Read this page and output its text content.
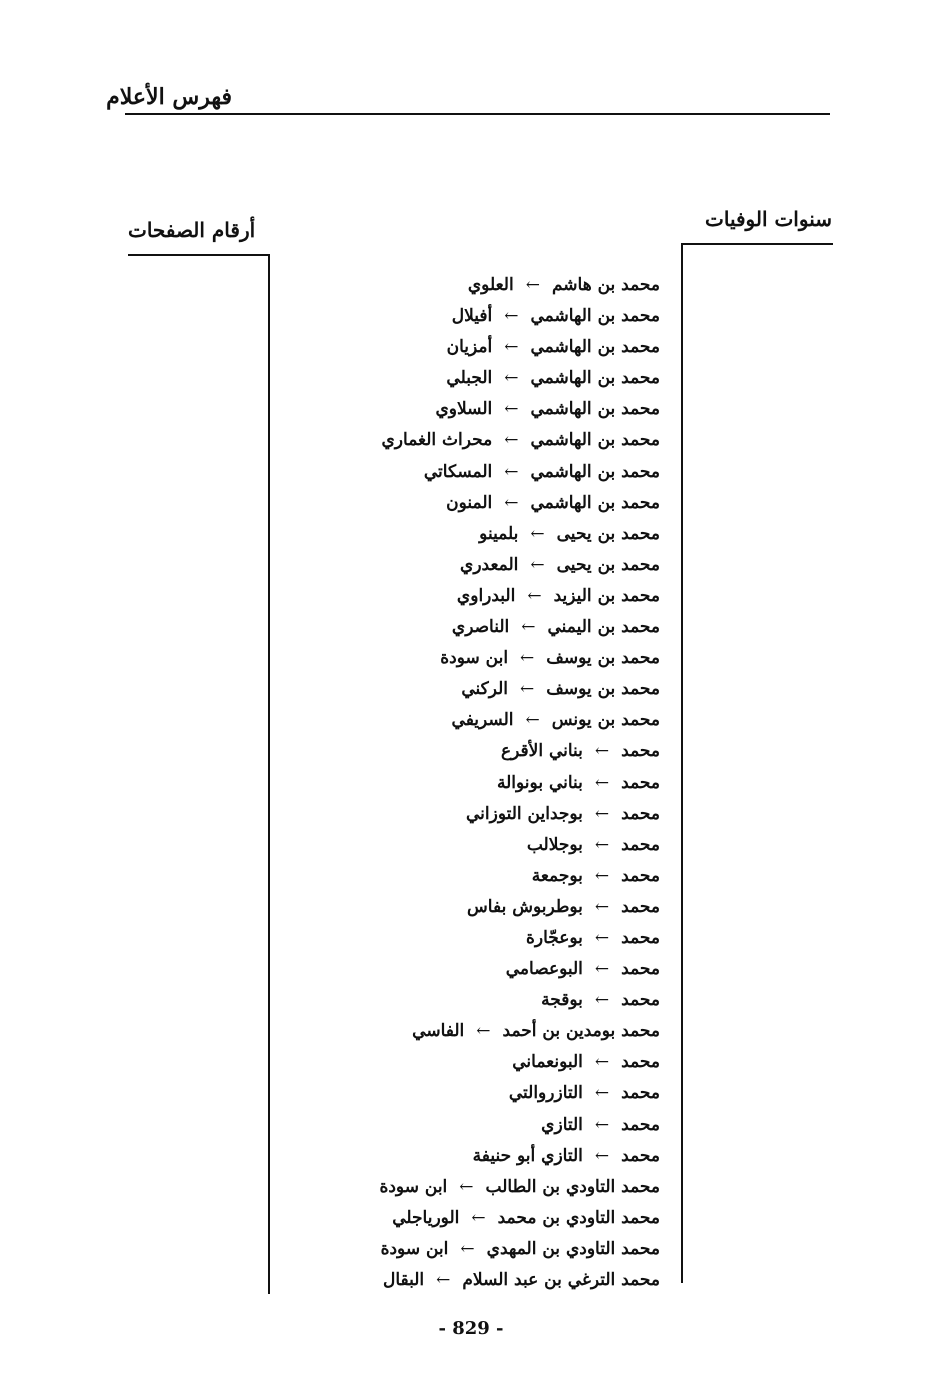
فهرس الأعلام
أرقام الصفحات	سنوات الوفيات
محمد بن هاشم←العلوي
محمد بن الهاشمي←أفيلال
محمد بن الهاشمي←أمزيان
محمد بن الهاشمي←الجبلي
محمد بن الهاشمي←السلاوي
محمد بن الهاشمي←محراث الغماري
محمد بن الهاشمي←المسكاتي
محمد بن الهاشمي←المنون
محمد بن يحيى←بلمينو
محمد بن يحيى←المعدري
محمد بن اليزيد←البدراوي
محمد بن اليمني←الناصري
محمد بن يوسف←ابن سودة
محمد بن يوسف←الركني
محمد بن يونس←السريفي
محمد←بناني الأقرع
محمد←بناني بونوالة
محمد←بوجداين التوزاني
محمد←بوجلالب
محمد←بوجمعة
محمد←بوطربوش بفاس
محمد←بوعجّارة
محمد←البوعصامي
محمد←بوقجة
محمد بومدين بن أحمد←الفاسي
محمد←البونعماني
محمد←التازروالتي
محمد←التازي
محمد←التازي أبو حنيفة
محمد التاودي بن الطالب←ابن سودة
محمد التاودي بن محمد←الورياجلي
محمد التاودي بن المهدي←ابن سودة
محمد الترغي بن عبد السلام←البقال
- 829 -
